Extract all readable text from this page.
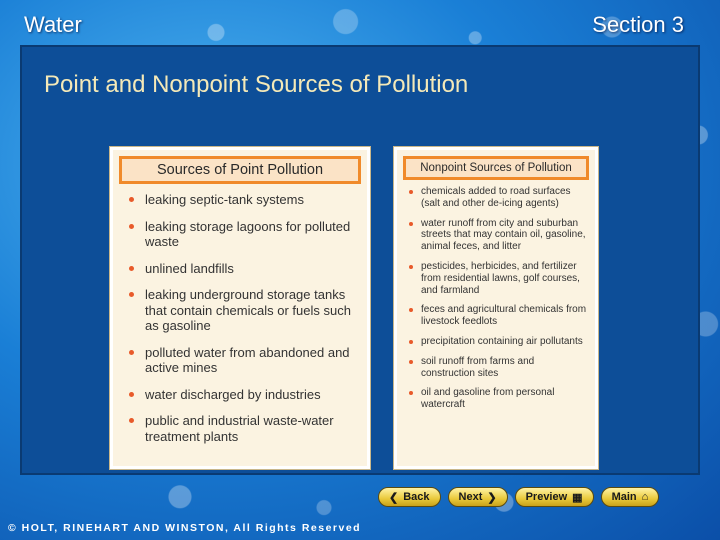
Water	Section 3
Point and Nonpoint Sources of Pollution
Sources of Point Pollution
leaking septic-tank systems
leaking storage lagoons for polluted waste
unlined landfills
leaking underground storage tanks that contain chemicals or fuels such as gasoline
polluted water from abandoned and active mines
water discharged by industries
public and industrial waste-water treatment plants
Nonpoint Sources of Pollution
chemicals added to road surfaces (salt and other de-icing agents)
water runoff from city and suburban streets that may contain oil, gasoline, animal feces, and litter
pesticides, herbicides, and fertilizer from residential lawns, golf courses, and farmland
feces and agricultural chemicals from livestock feedlots
precipitation containing air pollutants
soil runoff from farms and construction sites
oil and gasoline from personal watercraft
❮ Back	Next ❯	Preview ▦	Main ⌂
© HOLT, RINEHART AND WINSTON, All Rights Reserved
